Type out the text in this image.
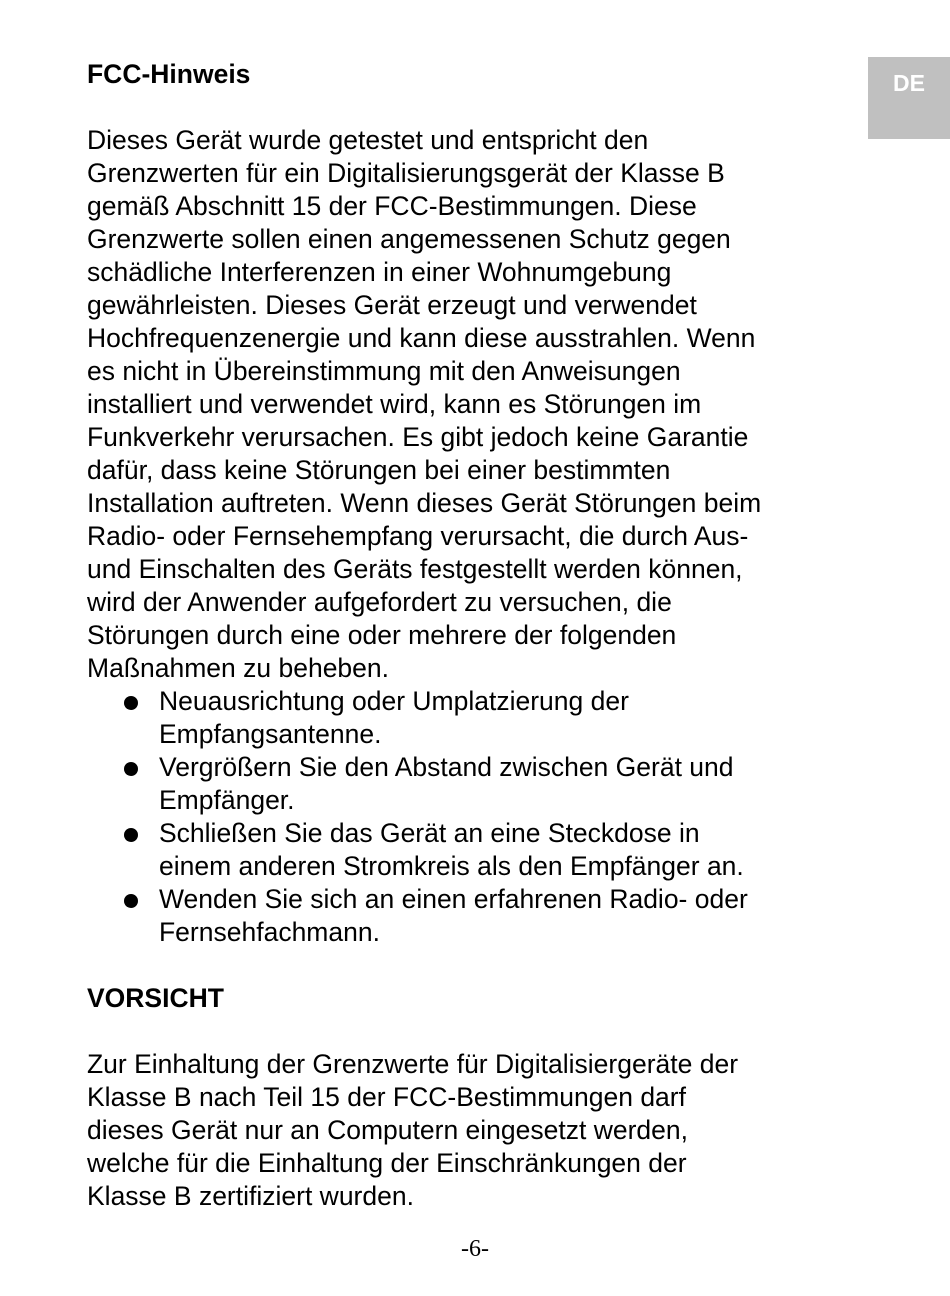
DE
FCC-Hinweis
Dieses Gerät wurde getestet und entspricht den
Grenzwerten für ein Digitalisierungsgerät der Klasse B
gemäß Abschnitt 15 der FCC-Bestimmungen. Diese
Grenzwerte sollen einen angemessenen Schutz gegen
schädliche Interferenzen in einer Wohnumgebung
gewährleisten. Dieses Gerät erzeugt und verwendet
Hochfrequenzenergie und kann diese ausstrahlen. Wenn
es nicht in Übereinstimmung mit den Anweisungen
installiert und verwendet wird, kann es Störungen im
Funkverkehr verursachen. Es gibt jedoch keine Garantie
dafür, dass keine Störungen bei einer bestimmten
Installation auftreten. Wenn dieses Gerät Störungen beim
Radio- oder Fernsehempfang verursacht, die durch Aus-
und Einschalten des Geräts festgestellt werden können,
wird der Anwender aufgefordert zu versuchen, die
Störungen durch eine oder mehrere der folgenden
Maßnahmen zu beheben.
Neuausrichtung oder Umplatzierung der
Empfangsantenne.
Vergrößern Sie den Abstand zwischen Gerät und
Empfänger.
Schließen Sie das Gerät an eine Steckdose in
einem anderen Stromkreis als den Empfänger an.
Wenden Sie sich an einen erfahrenen Radio- oder
Fernsehfachmann.
VORSICHT
Zur Einhaltung der Grenzwerte für Digitalisiergeräte der
Klasse B nach Teil 15 der FCC-Bestimmungen darf
dieses Gerät nur an Computern eingesetzt werden,
welche für die Einhaltung der Einschränkungen der
Klasse B zertifiziert wurden.
-6-
